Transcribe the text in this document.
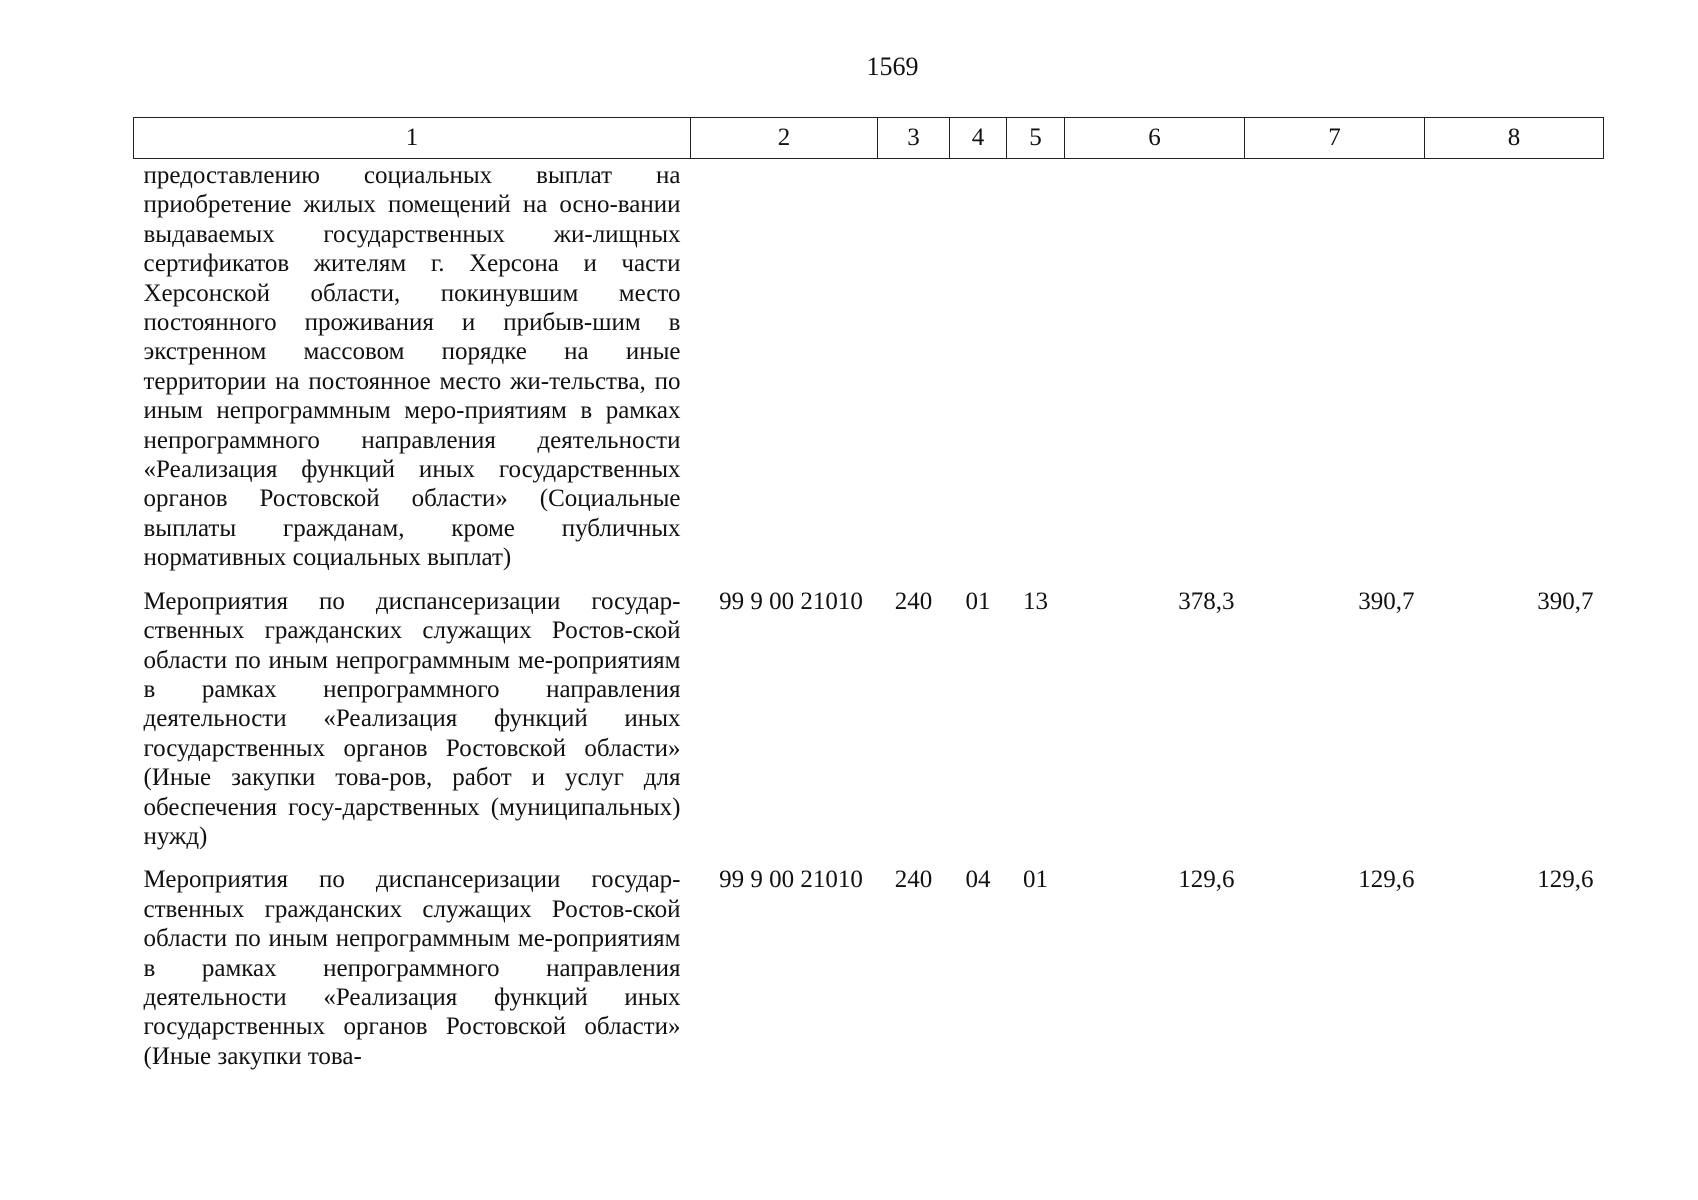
1569
1	2	3	4	5	6	7	8
предоставлению социальных выплат на приобретение жилых помещений на осно-вании выдаваемых государственных жи-лищных сертификатов жителям г. Херсона и части Херсонской области, покинувшим место постоянного проживания и прибыв-шим в экстренном массовом порядке на иные территории на постоянное место жи-тельства, по иным непрограммным меро-приятиям в рамках непрограммного направления деятельности «Реализация функций иных государственных органов Ростовской области» (Социальные выплаты гражданам, кроме публичных нормативных социальных выплат)							
Мероприятия по диспансеризации государ-ственных гражданских служащих Ростов-ской области по иным непрограммным ме-роприятиям в рамках непрограммного направления деятельности «Реализация функций иных государственных органов Ростовской области» (Иные закупки това-ров, работ и услуг для обеспечения госу-дарственных (муниципальных) нужд)	99 9 00 21010	240	01	13	378,3	390,7	390,7
Мероприятия по диспансеризации государ-ственных гражданских служащих Ростов-ской области по иным непрограммным ме-роприятиям в рамках непрограммного направления деятельности «Реализация функций иных государственных органов Ростовской области» (Иные закупки това-	99 9 00 21010	240	04	01	129,6	129,6	129,6
